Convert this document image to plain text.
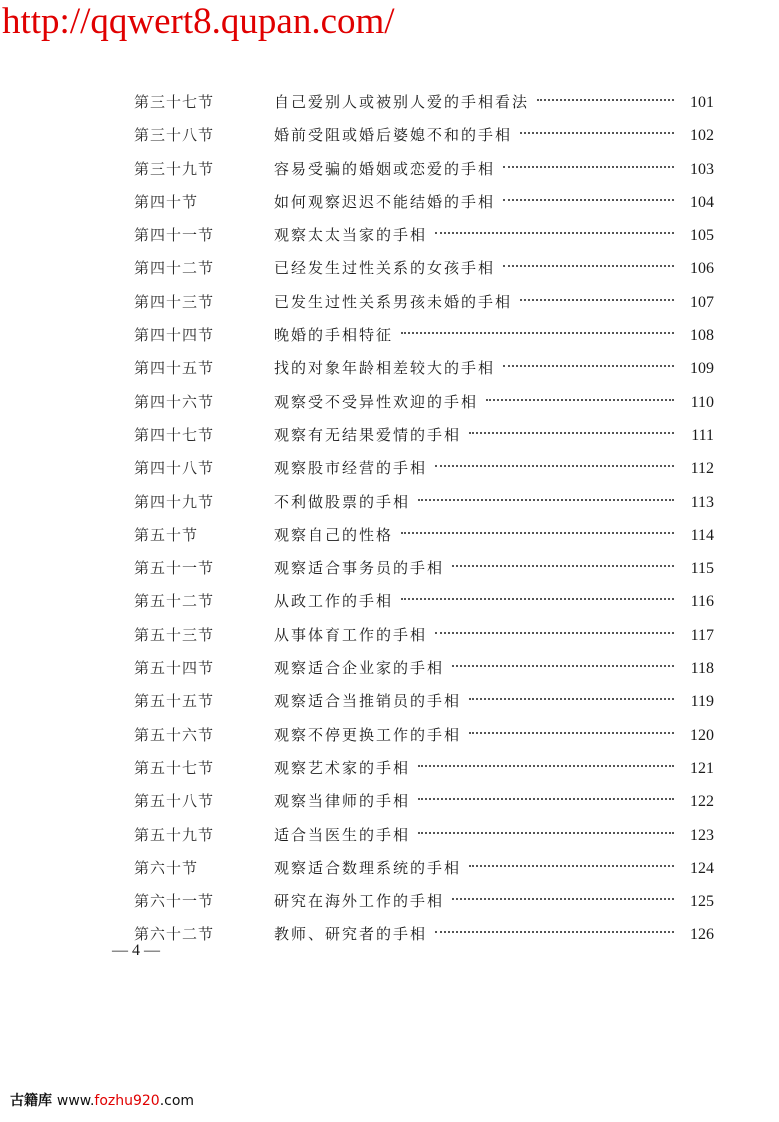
http://qqwert8.qupan.com/
第三十七节	自己爱别人或被别人爱的手相看法	101
第三十八节	婚前受阻或婚后婆媳不和的手相	102
第三十九节	容易受骗的婚姻或恋爱的手相	103
第四十节	如何观察迟迟不能结婚的手相	104
第四十一节	观察太太当家的手相	105
第四十二节	已经发生过性关系的女孩手相	106
第四十三节	已发生过性关系男孩未婚的手相	107
第四十四节	晚婚的手相特征	108
第四十五节	找的对象年龄相差较大的手相	109
第四十六节	观察受不受异性欢迎的手相	110
第四十七节	观察有无结果爱情的手相	111
第四十八节	观察股市经营的手相	112
第四十九节	不利做股票的手相	113
第五十节	观察自己的性格	114
第五十一节	观察适合事务员的手相	115
第五十二节	从政工作的手相	116
第五十三节	从事体育工作的手相	117
第五十四节	观察适合企业家的手相	118
第五十五节	观察适合当推销员的手相	119
第五十六节	观察不停更换工作的手相	120
第五十七节	观察艺术家的手相	121
第五十八节	观察当律师的手相	122
第五十九节	适合当医生的手相	123
第六十节	观察适合数理系统的手相	124
第六十一节	研究在海外工作的手相	125
第六十二节	教师、研究者的手相	126
— 4 —
古籍库 www.fozhu920.com
